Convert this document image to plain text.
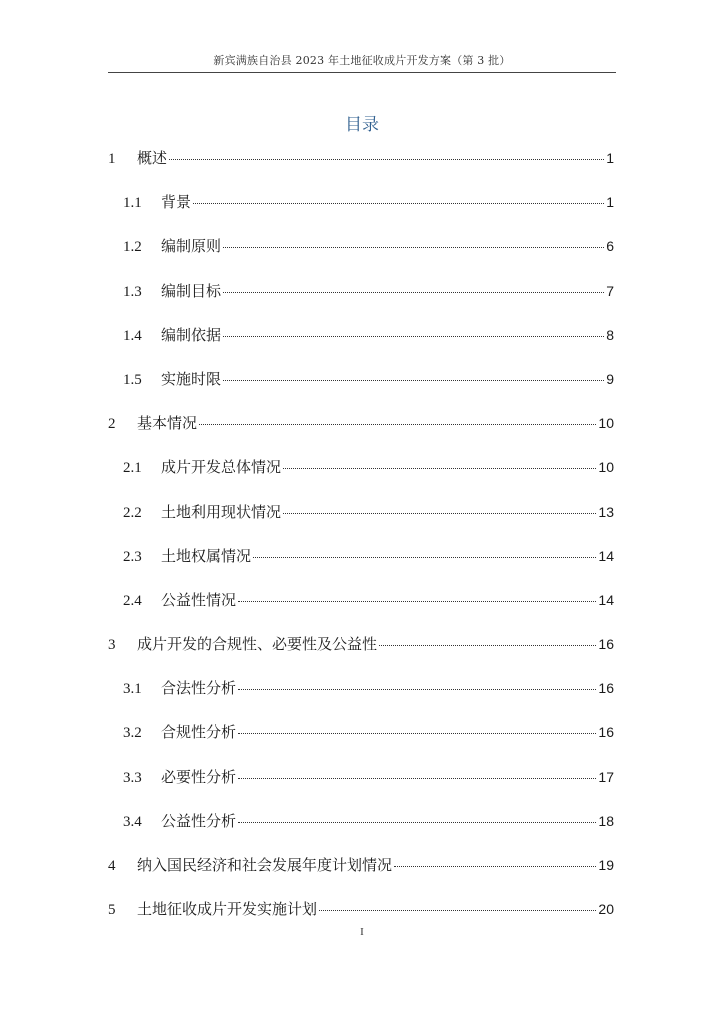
新宾满族自治县 2023 年土地征收成片开发方案（第 3 批）
目录
1	概述	1
1.1	背景	1
1.2	编制原则	6
1.3	编制目标	7
1.4	编制依据	8
1.5	实施时限	9
2	基本情况	10
2.1	成片开发总体情况	10
2.2	土地利用现状情况	13
2.3	土地权属情况	14
2.4	公益性情况	14
3	成片开发的合规性、必要性及公益性	16
3.1	合法性分析	16
3.2	合规性分析	16
3.3	必要性分析	17
3.4	公益性分析	18
4	纳入国民经济和社会发展年度计划情况	19
5	土地征收成片开发实施计划	20
I
